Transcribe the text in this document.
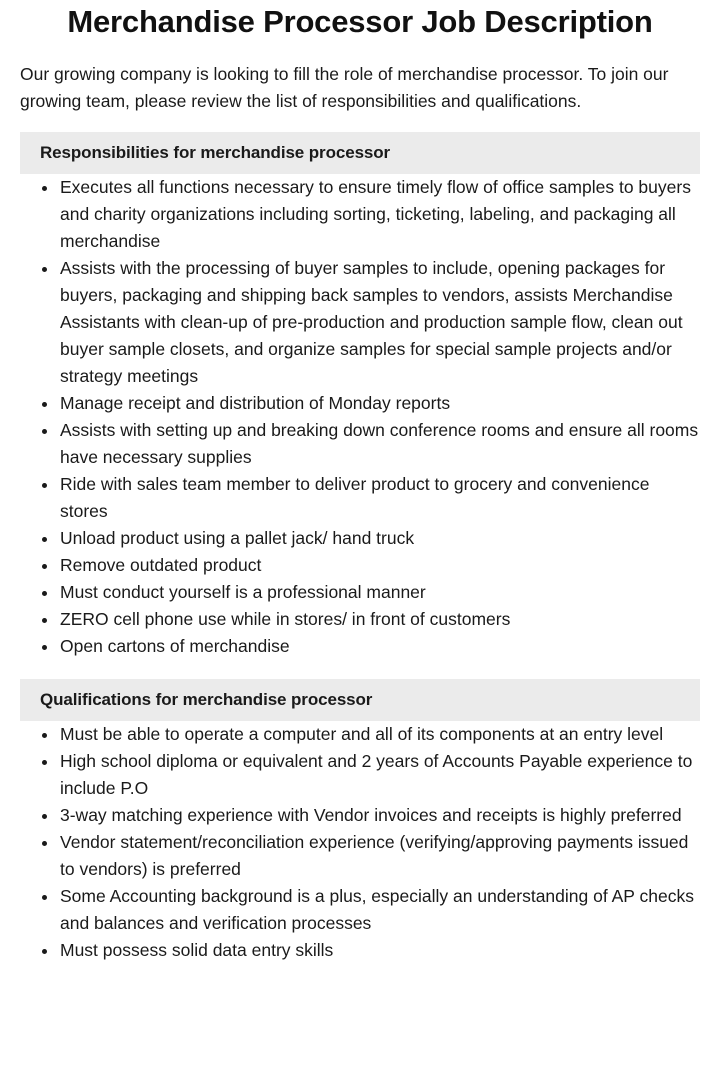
Merchandise Processor Job Description

Our growing company is looking to fill the role of merchandise processor. To join our growing team, please review the list of responsibilities and qualifications.

Responsibilities for merchandise processor
Executes all functions necessary to ensure timely flow of office samples to buyers and charity organizations including sorting, ticketing, labeling, and packaging all merchandise
Assists with the processing of buyer samples to include, opening packages for buyers, packaging and shipping back samples to vendors, assists Merchandise Assistants with clean-up of pre-production and production sample flow, clean out buyer sample closets, and organize samples for special sample projects and/or strategy meetings
Manage receipt and distribution of Monday reports
Assists with setting up and breaking down conference rooms and ensure all rooms have necessary supplies
Ride with sales team member to deliver product to grocery and convenience stores
Unload product using a pallet jack/ hand truck
Remove outdated product
Must conduct yourself is a professional manner
ZERO cell phone use while in stores/ in front of customers
Open cartons of merchandise
Qualifications for merchandise processor
Must be able to operate a computer and all of its components at an entry level
High school diploma or equivalent and 2 years of Accounts Payable experience to include P.O
3-way matching experience with Vendor invoices and receipts is highly preferred
Vendor statement/reconciliation experience (verifying/approving payments issued to vendors) is preferred
Some Accounting background is a plus, especially an understanding of AP checks and balances and verification processes
Must possess solid data entry skills
